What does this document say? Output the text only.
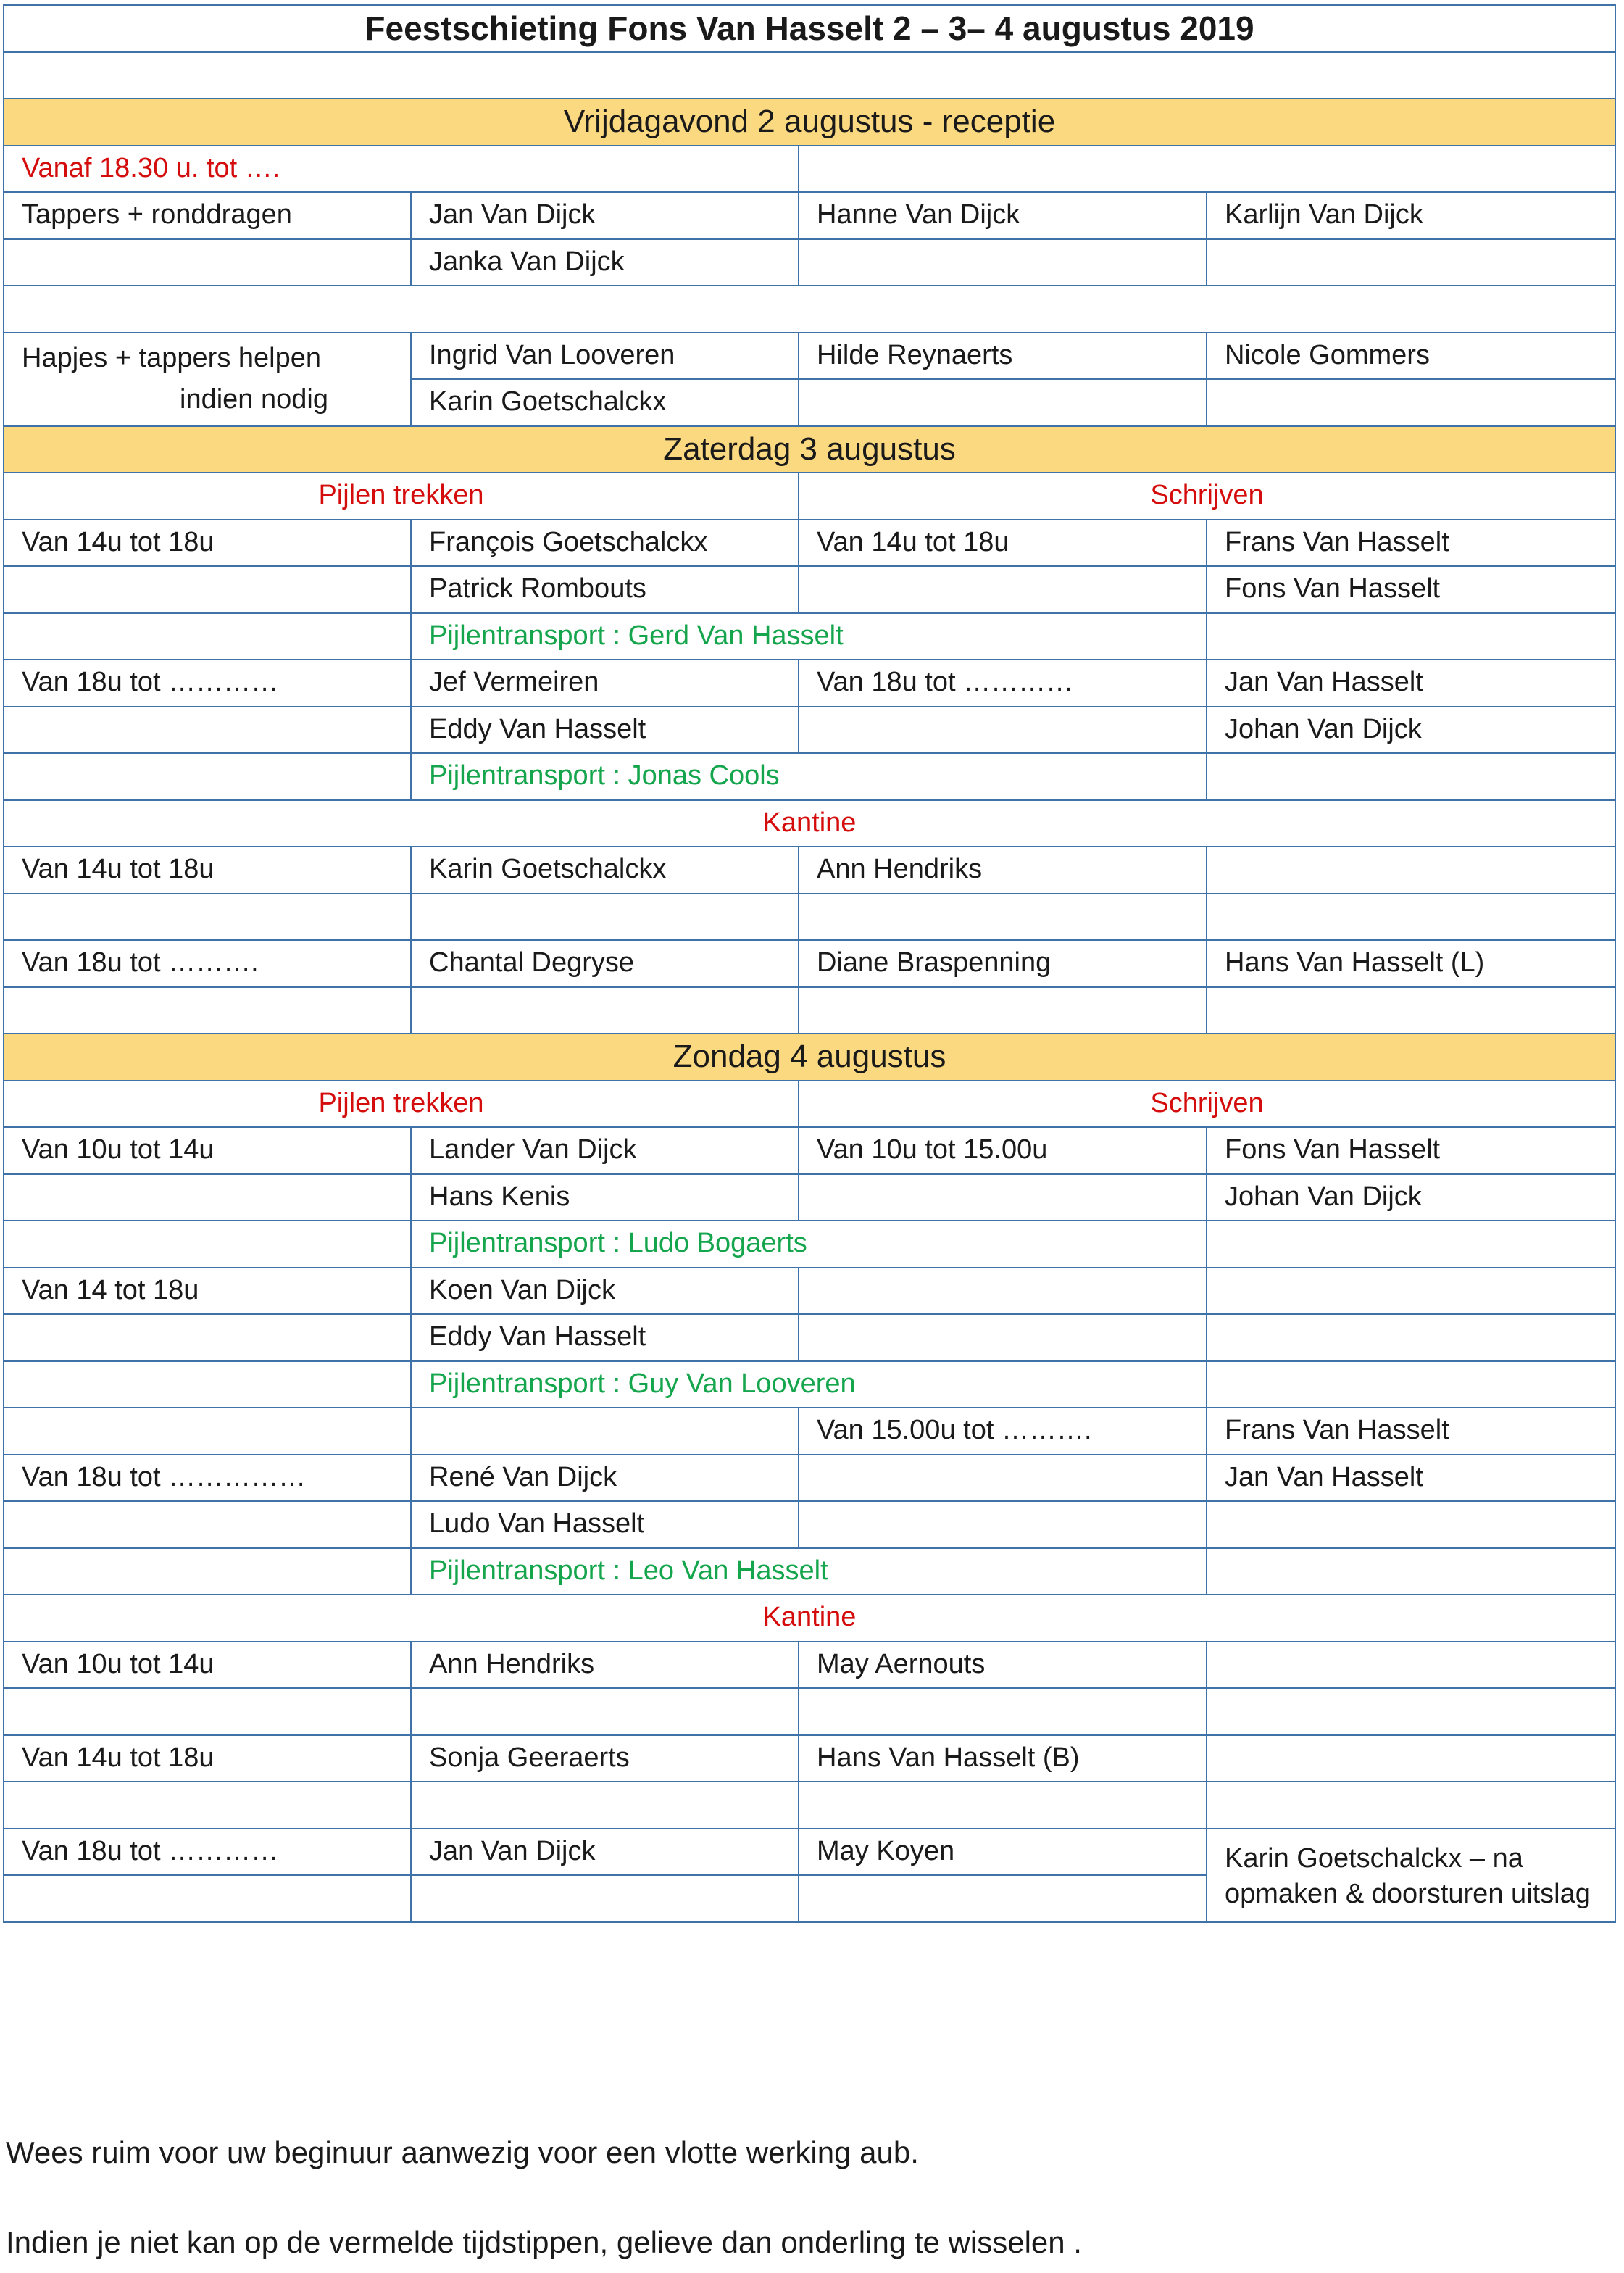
Feestschieting Fons Van Hasselt 2 – 3– 4 augustus 2019			

Vrijdagavond 2 augustus - receptie			
Vanaf 18.30 u. tot ….			
Tappers + ronddragen	Jan Van Dijck	Hanne Van Dijck	Karlijn Van Dijck
	Janka Van Dijck		

Hapjes + tappers helpen
indien nodig	Ingrid Van Looveren	Hilde Reynaerts	Nicole Gommers
	Karin Goetschalckx		
Zaterdag 3 augustus			
Pijlen trekken		Schrijven	
Van 14u tot 18u	François Goetschalckx	Van 14u tot 18u	Frans Van Hasselt
	Patrick Rombouts		Fons Van Hasselt
	Pijlentransport : Gerd Van Hasselt		
Van 18u tot …………	Jef Vermeiren	Van 18u tot …………	Jan Van Hasselt
	Eddy Van Hasselt		Johan Van Dijck
	Pijlentransport : Jonas Cools		
Kantine			
Van 14u tot 18u	Karin Goetschalckx	Ann Hendriks	

Van 18u tot ……….	Chantal Degryse	Diane Braspenning	Hans Van Hasselt (L)

Zondag 4 augustus			
Pijlen trekken		Schrijven	
Van 10u tot 14u	Lander Van Dijck	Van 10u tot 15.00u	Fons Van Hasselt
	Hans Kenis		Johan Van Dijck
	Pijlentransport : Ludo Bogaerts		
Van 14 tot 18u	Koen Van Dijck		
	Eddy Van Hasselt		
	Pijlentransport : Guy Van Looveren		
		Van 15.00u tot ……….	Frans Van Hasselt
Van 18u tot ……………	René Van Dijck		Jan Van Hasselt
	Ludo Van Hasselt		
	Pijlentransport : Leo Van Hasselt		
Kantine			
Van 10u tot 14u	Ann Hendriks	May Aernouts	

Van 14u tot 18u	Sonja Geeraerts	Hans Van Hasselt (B)	

Van 18u tot …………	Jan Van Dijck	May Koyen	Karin Goetschalckx – na
opmaken & doorsturen uitslag

Wees ruim voor uw beginuur aanwezig voor een vlotte werking aub.
Indien je niet kan op de vermelde tijdstippen, gelieve dan onderling te wisselen .
